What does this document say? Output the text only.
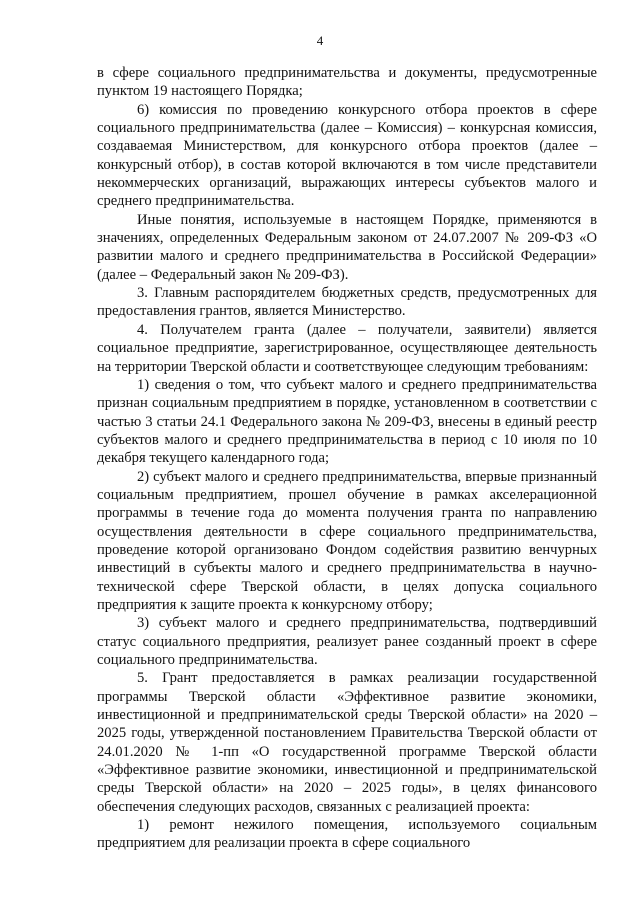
4

в сфере социального предпринимательства и документы, предусмотренные пунктом 19 настоящего Порядка;

6) комиссия по проведению конкурсного отбора проектов в сфере социального предпринимательства (далее – Комиссия) – конкурсная комиссия, создаваемая Министерством, для конкурсного отбора проектов (далее – конкурсный отбор), в состав которой включаются в том числе представители некоммерческих организаций, выражающих интересы субъектов малого и среднего предпринимательства.

Иные понятия, используемые в настоящем Порядке, применяются в значениях, определенных Федеральным законом от 24.07.2007 № 209-ФЗ «О развитии малого и среднего предпринимательства в Российской Федерации» (далее – Федеральный закон № 209-ФЗ).

3. Главным распорядителем бюджетных средств, предусмотренных для предоставления грантов, является Министерство.

4. Получателем гранта (далее – получатели, заявители) является социальное предприятие, зарегистрированное, осуществляющее деятельность на территории Тверской области и соответствующее следующим требованиям:

1) сведения о том, что субъект малого и среднего предпринимательства признан социальным предприятием в порядке, установленном в соответствии с частью 3 статьи 24.1 Федерального закона № 209-ФЗ, внесены в единый реестр субъектов малого и среднего предпринимательства в период с 10 июля по 10 декабря текущего календарного года;

2) субъект малого и среднего предпринимательства, впервые признанный социальным предприятием, прошел обучение в рамках акселерационной программы в течение года до момента получения гранта по направлению осуществления деятельности в сфере социального предпринимательства, проведение которой организовано Фондом содействия развитию венчурных инвестиций в субъекты малого и среднего предпринимательства в научно-технической сфере Тверской области, в целях допуска социального предприятия к защите проекта к конкурсному отбору;

3) субъект малого и среднего предпринимательства, подтвердивший статус социального предприятия, реализует ранее созданный проект в сфере социального предпринимательства.

5. Грант предоставляется в рамках реализации государственной программы Тверской области «Эффективное развитие экономики, инвестиционной и предпринимательской среды Тверской области» на 2020 – 2025 годы, утвержденной постановлением Правительства Тверской области от 24.01.2020 № 1-пп «О государственной программе Тверской области «Эффективное развитие экономики, инвестиционной и предпринимательской среды Тверской области» на 2020 – 2025 годы», в целях финансового обеспечения следующих расходов, связанных с реализацией проекта:

1) ремонт нежилого помещения, используемого социальным предприятием для реализации проекта в сфере социального
